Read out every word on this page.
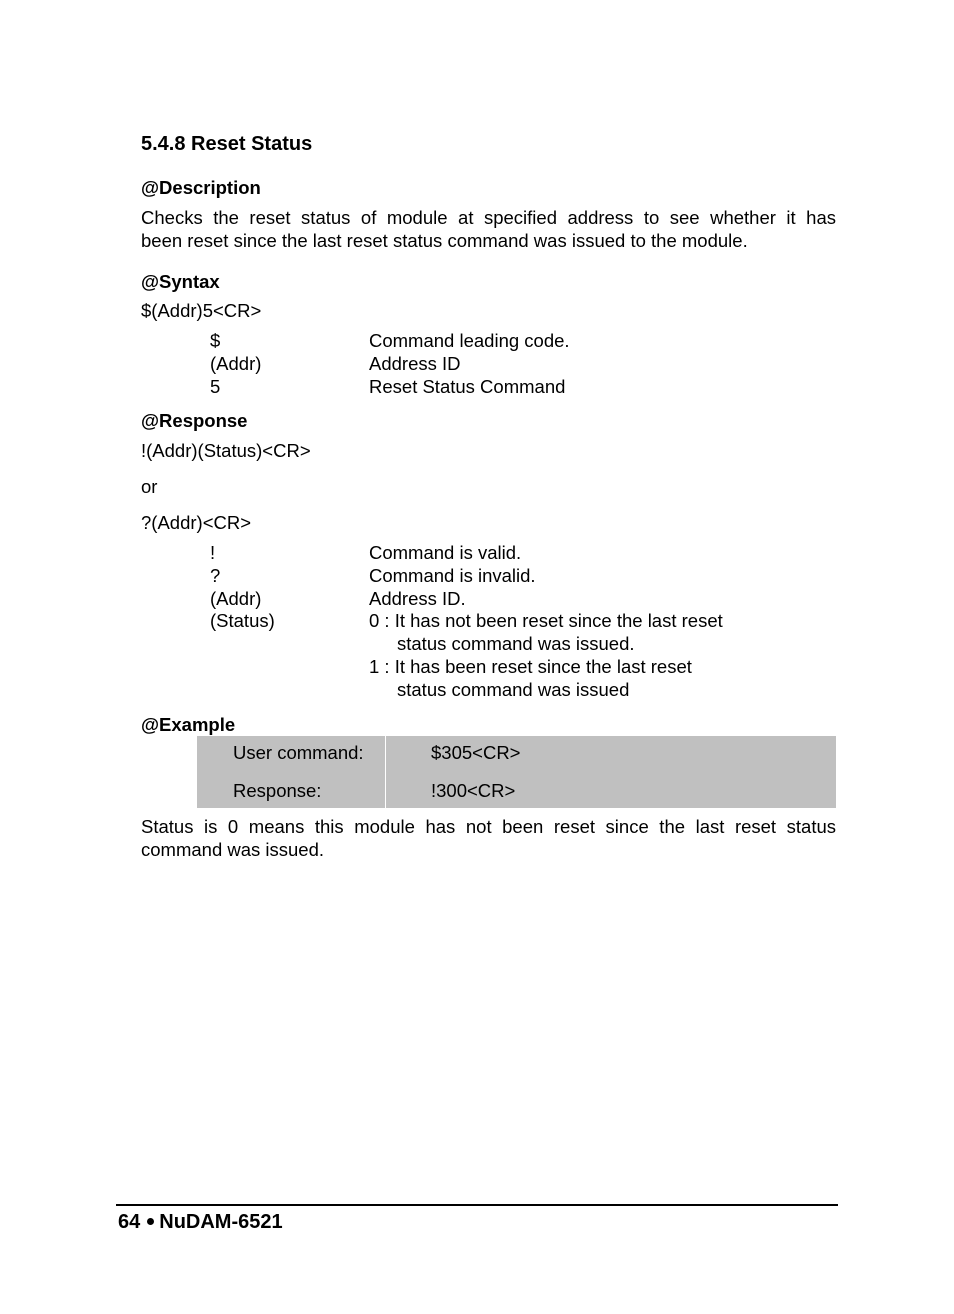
5.4.8 Reset Status
@Description
Checks the reset status of module at specified address to see whether it has
been reset since the last reset status command was issued to the module.
@Syntax
$(Addr)5<CR>
$	Command leading code.
(Addr)	Address ID
5	Reset Status Command
@Response
!(Addr)(Status)<CR>
or
?(Addr)<CR>
!	Command is valid.
?	Command is invalid.
(Addr)	Address ID.
(Status)	0 : It has not been reset since the last reset
status command was issued.
1 : It has been reset since the last reset
status command was issued
@Example
User command:	$305<CR>
Response:	!300<CR>
Status is 0 means this module has not been reset since the last reset status
command was issued.
64 NuDAM-6521
